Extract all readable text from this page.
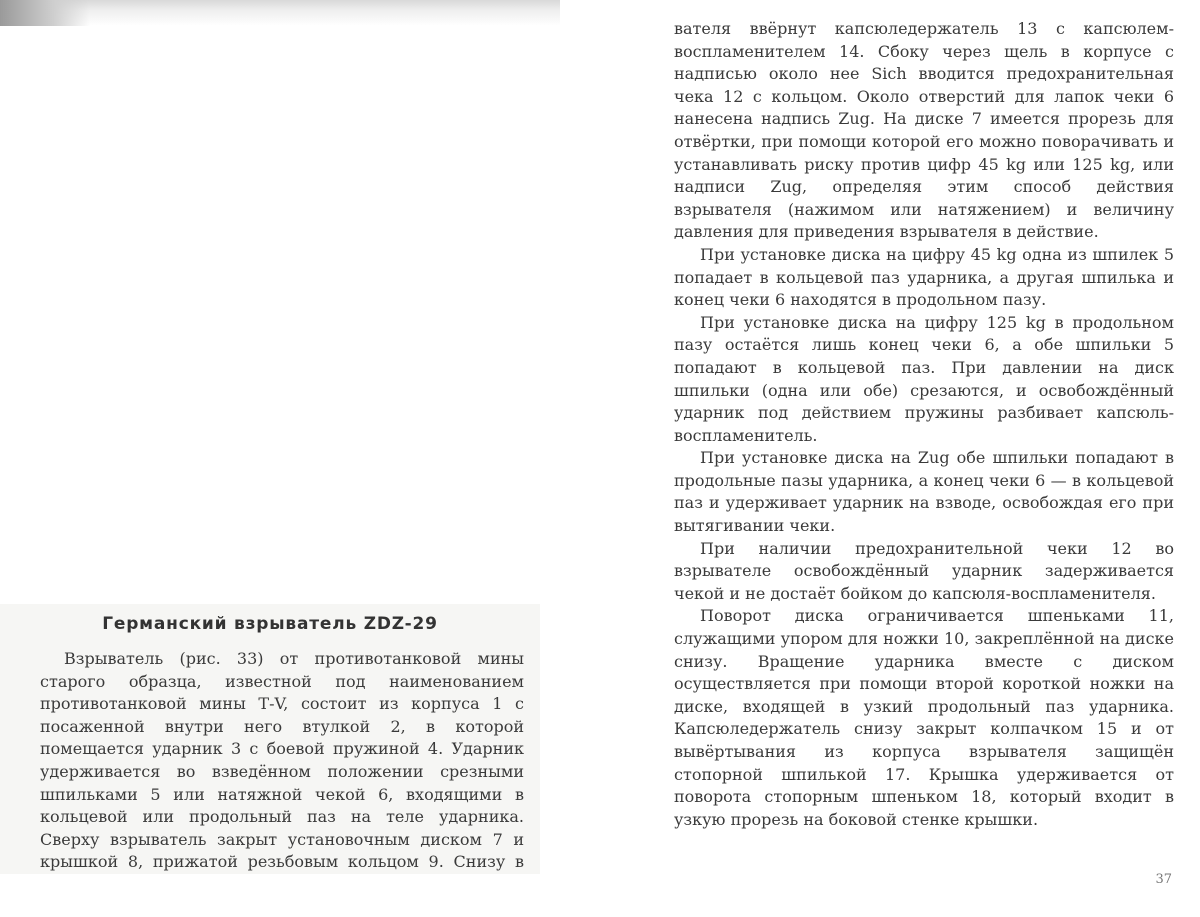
Германский взрыватель ZDZ-29
Взрыватель (рис. 33) от противотанковой мины старого образца, известной под наименованием противотанковой мины Т-V, состоит из корпуса 1 с посаженной внутри него втулкой 2, в которой помещается ударник 3 с боевой пружиной 4. Ударник удерживается во взведённом положении срезными шпильками 5 или натяжной чекой 6, входящими в кольцевой или продольный паз на теле ударника. Сверху взрыватель закрыт установочным диском 7 и крышкой 8, прижатой резьбовым кольцом 9. Снизу в

вателя ввёрнут капсюледержатель 13 с капсюлем-воспламенителем 14. Сбоку через щель в корпусе с надписью около нее Sich вводится предохранительная чека 12 с кольцом. Около отверстий для лапок чеки 6 нанесена надпись Zug. На диске 7 имеется прорезь для отвёртки, при помощи которой его можно поворачивать и устанавливать риску против цифр 45 kg или 125 kg, или надписи Zug, определяя этим способ действия взрывателя (нажимом или натяжением) и величину давления для приведения взрывателя в действие.

При установке диска на цифру 45 kg одна из шпилек 5 попадает в кольцевой паз ударника, а другая шпилька и конец чеки 6 находятся в продольном пазу.

При установке диска на цифру 125 kg в продольном пазу остаётся лишь конец чеки 6, а обе шпильки 5 попадают в кольцевой паз. При давлении на диск шпильки (одна или обе) срезаются, и освобождённый ударник под действием пружины разбивает капсюль-воспламенитель.

При установке диска на Zug обе шпильки попадают в продольные пазы ударника, а конец чеки 6 — в кольцевой паз и удерживает ударник на взводе, освобождая его при вытягивании чеки.

При наличии предохранительной чеки 12 во взрывателе освобождённый ударник задерживается чекой и не достаёт бойком до капсюля-воспламенителя.

Поворот диска ограничивается шпеньками 11, служащими упором для ножки 10, закреплённой на диске снизу. Вращение ударника вместе с диском осуществляется при помощи второй короткой ножки на диске, входящей в узкий продольный паз ударника. Капсюледержатель снизу закрыт колпачком 15 и от вывёртывания из корпуса взрывателя защищён стопорной шпилькой 17. Крышка удерживается от поворота стопорным шпеньком 18, который входит в узкую прорезь на боковой стенке крышки.

37
